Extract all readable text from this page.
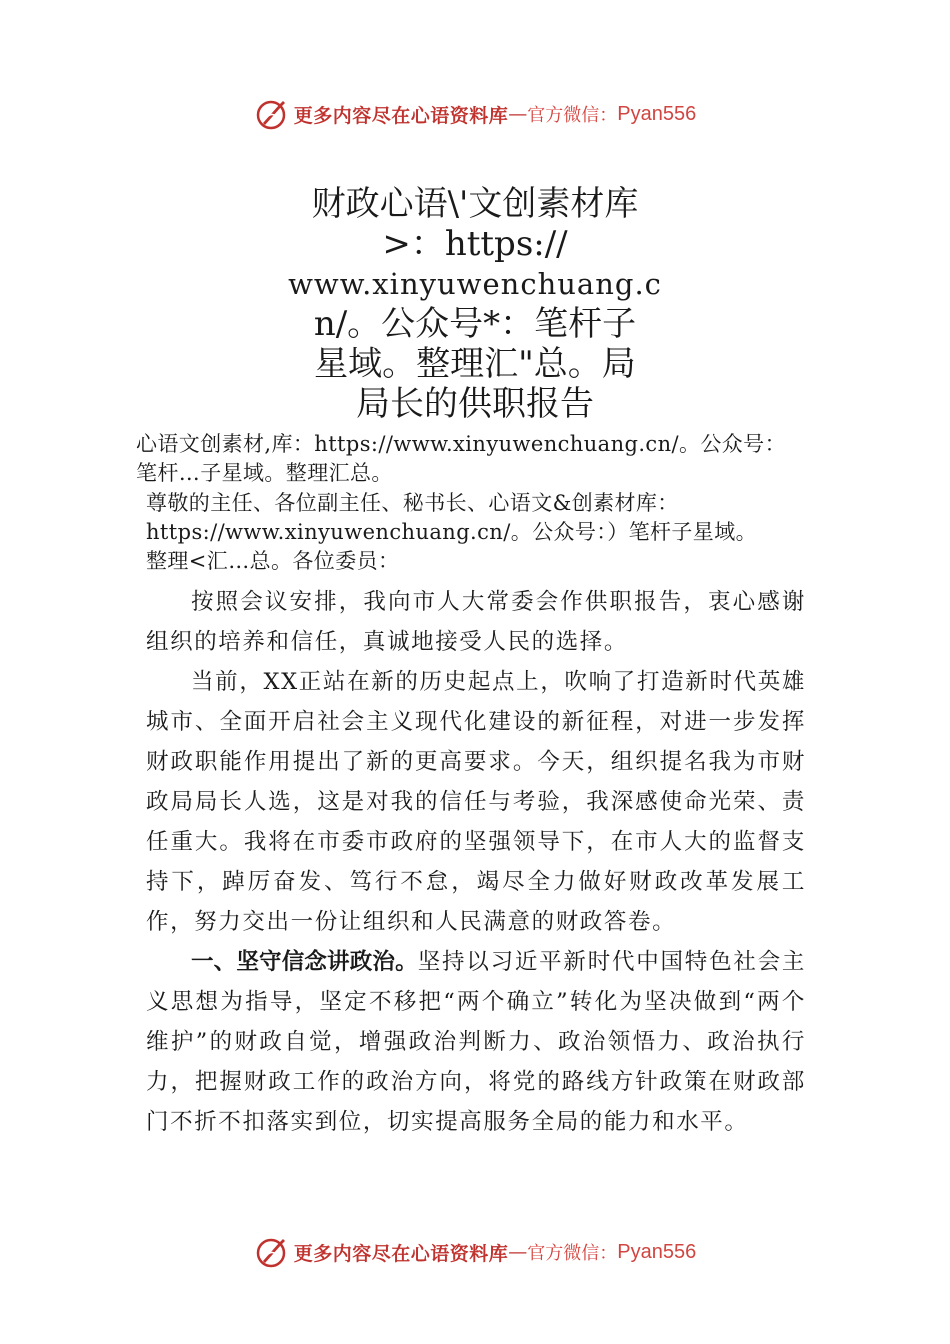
更多内容尽在心语资料库 — 官方微信： Pyan556
财政心语\'文创素材库
>：https://
www.xinyuwenchuang.c
n/。公众号*：笔杆子
星域。整理汇"总。局
局长的供职报告
心语文创素材,库：https://www.xinyuwenchuang.cn/。公众号：
笔杆…子星域。整理汇总。
尊敬的主任、各位副主任、秘书长、心语文&创素材库：
https://www.xinyuwenchuang.cn/。公众号：）笔杆子星域。
整理<汇…总。各位委员：

按照会议安排，我向市人大常委会作供职报告，衷心感谢组织的培养和信任，真诚地接受人民的选择。

当前，XX正站在新的历史起点上，吹响了打造新时代英雄城市、全面开启社会主义现代化建设的新征程，对进一步发挥财政职能作用提出了新的更高要求。今天，组织提名我为市财政局局长人选，这是对我的信任与考验，我深感使命光荣、责任重大。我将在市委市政府的坚强领导下，在市人大的监督支持下，踔厉奋发、笃行不怠，竭尽全力做好财政改革发展工作，努力交出一份让组织和人民满意的财政答卷。

一、坚守信念讲政治。坚持以习近平新时代中国特色社会主义思想为指导，坚定不移把“两个确立”转化为坚决做到“两个维护”的财政自觉，增强政治判断力、政治领悟力、政治执行力，把握财政工作的政治方向，将党的路线方针政策在财政部门不折不扣落实到位，切实提高服务全局的能力和水平。

更多内容尽在心语资料库 — 官方微信： Pyan556
